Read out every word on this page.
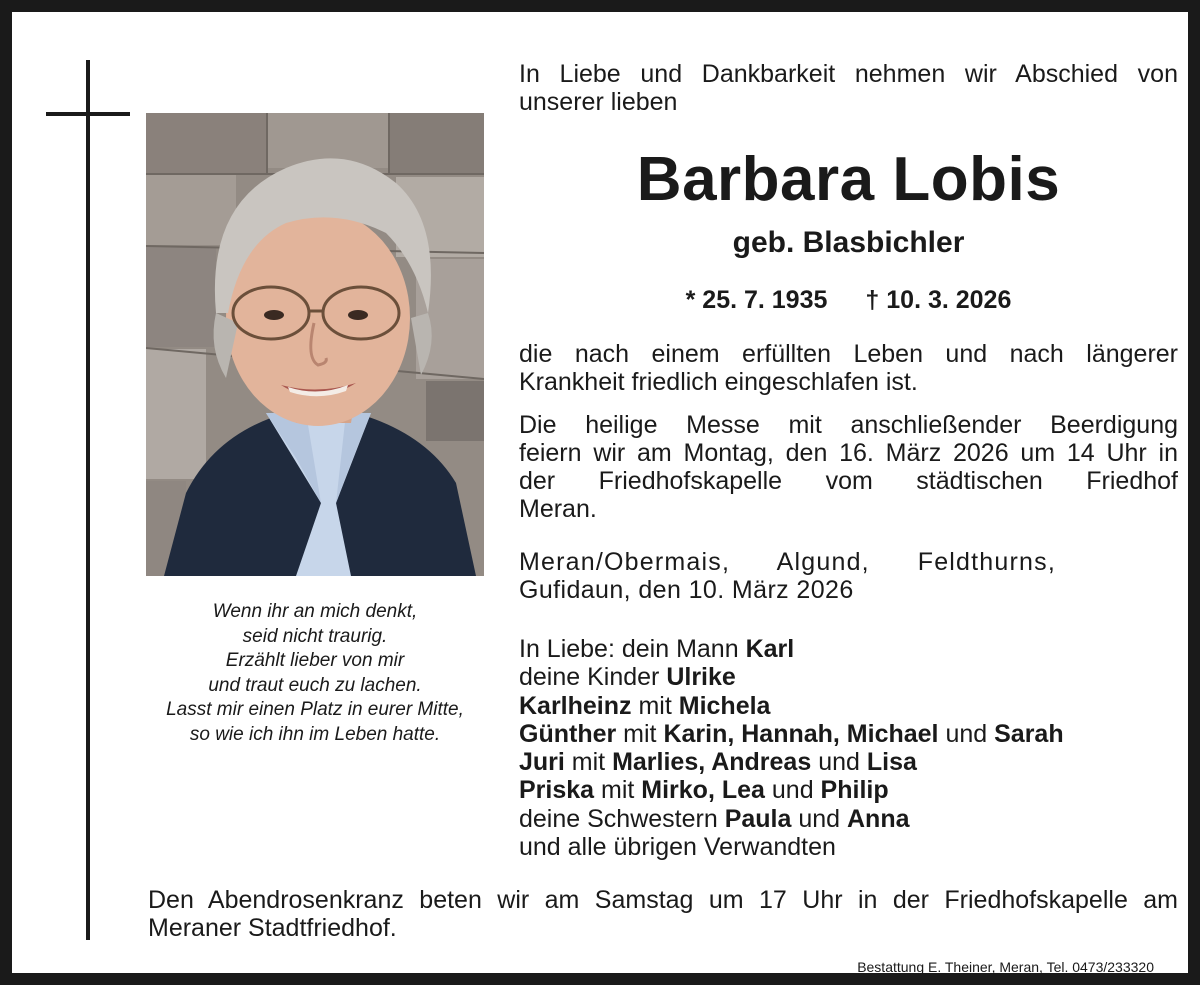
Wenn ihr an mich denkt,
seid nicht traurig.
Erzählt lieber von mir
und traut euch zu lachen.
Lasst mir einen Platz in eurer Mitte,
so wie ich ihn im Leben hatte.
In Liebe und Dankbarkeit nehmen wir Abschied von
unserer lieben
Barbara Lobis
geb. Blasbichler
* 25. 7. 1935 † 10. 3. 2026
die nach einem erfüllten Leben und nach längerer
Krankheit friedlich eingeschlafen ist.
Die heilige Messe mit anschließender Beerdigung
feiern wir am Montag, den 16. März 2026 um 14 Uhr in
der Friedhofskapelle vom städtischen Friedhof
Meran.
Meran/Obermais, Algund, Feldthurns,
Gufidaun, den 10. März 2026
In Liebe: dein Mann Karl
deine Kinder Ulrike
Karlheinz mit Michela
Günther mit Karin, Hannah, Michael und Sarah
Juri mit Marlies, Andreas und Lisa
Priska mit Mirko, Lea und Philip
deine Schwestern Paula und Anna
und alle übrigen Verwandten
Den Abendrosenkranz beten wir am Samstag um 17 Uhr in der Friedhofskapelle am
Meraner Stadtfriedhof.
Bestattung E. Theiner, Meran, Tel. 0473/233320
